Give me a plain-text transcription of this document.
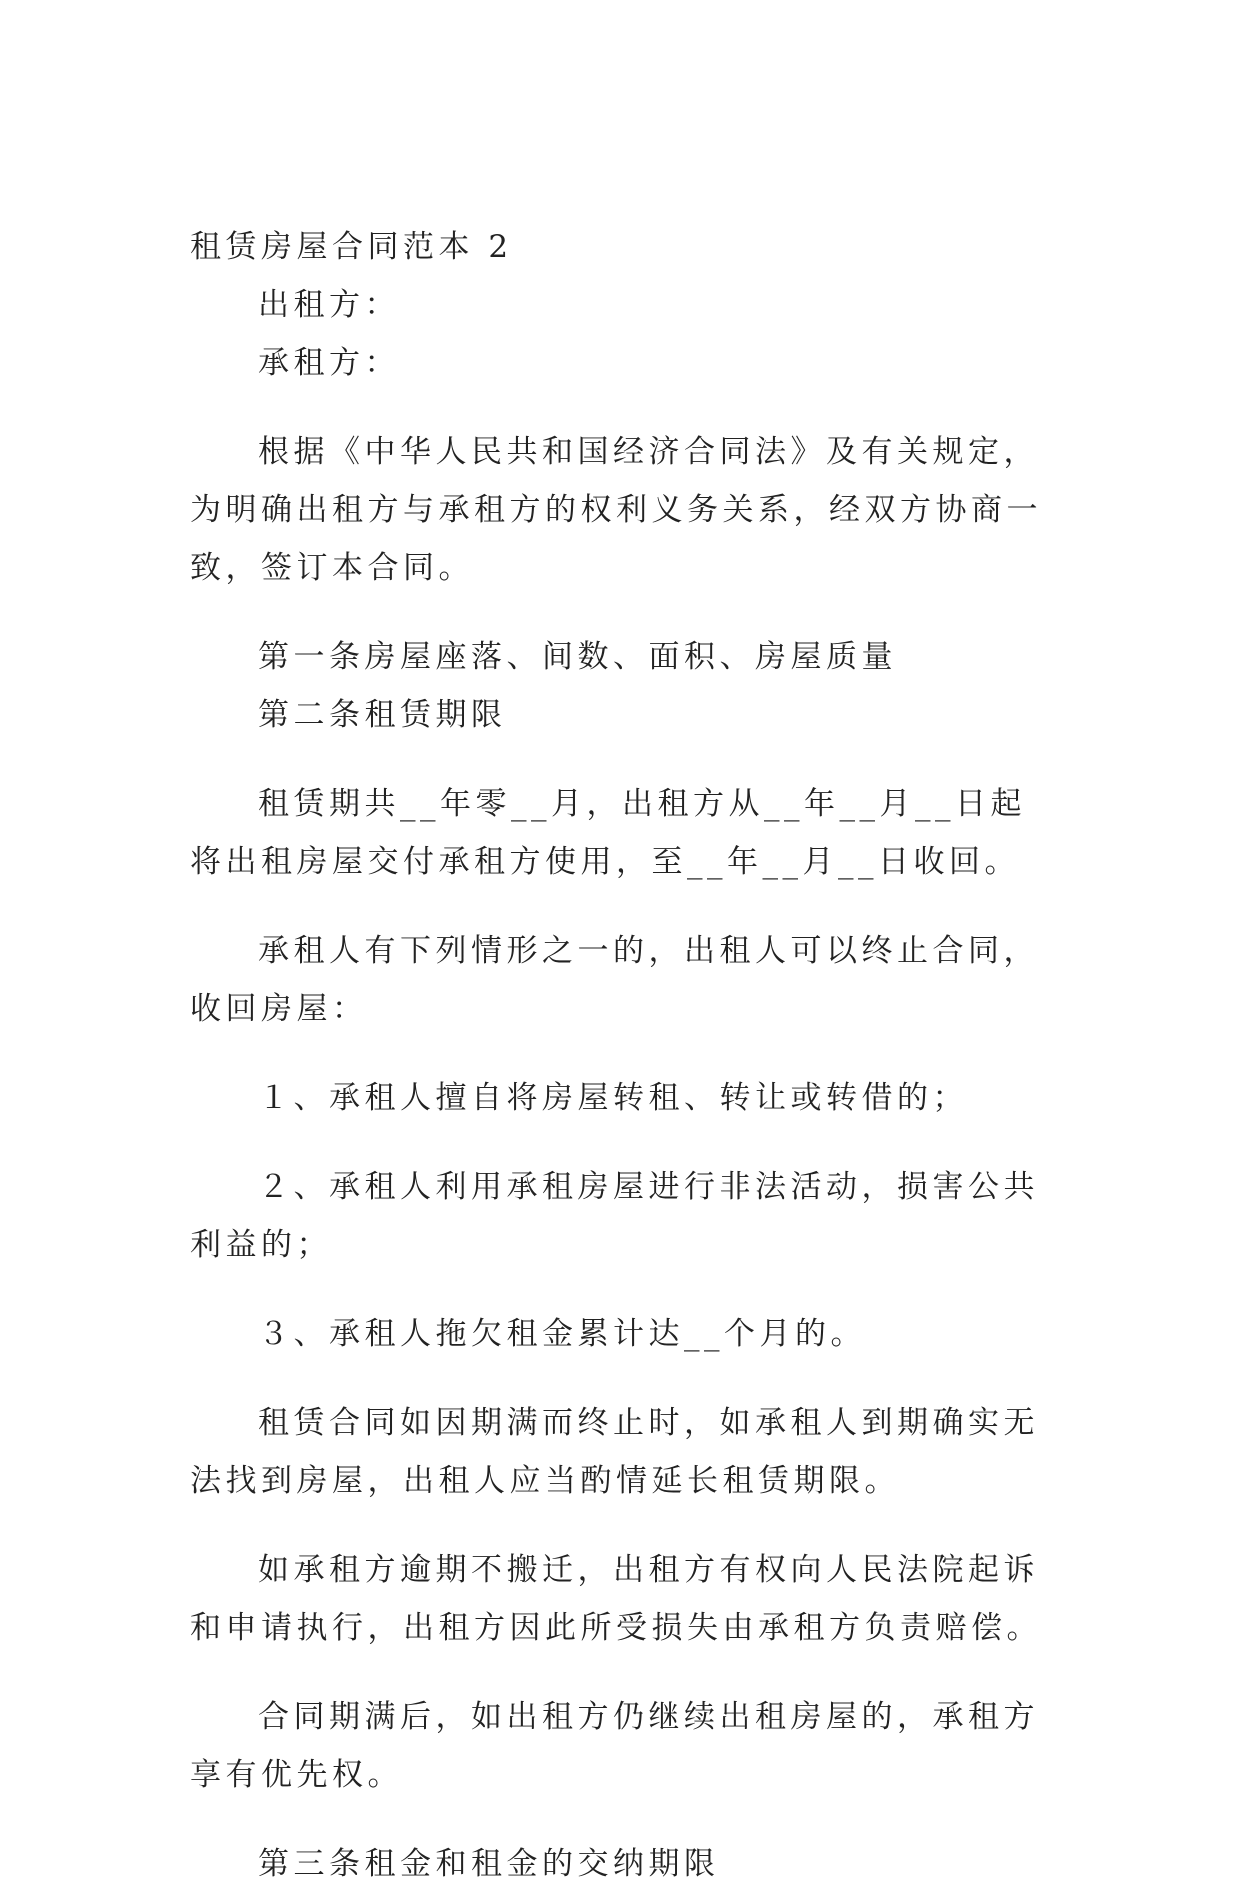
租赁房屋合同范本 2

出租方：

承租方：

根据《中华人民共和国经济合同法》及有关规定，为明确出租方与承租方的权利义务关系，经双方协商一致，签订本合同。

第一条房屋座落、间数、面积、房屋质量

第二条租赁期限

租赁期共__年零__月，出租方从__年__月__日起将出租房屋交付承租方使用，至__年__月__日收回。

承租人有下列情形之一的，出租人可以终止合同，收回房屋：

１、承租人擅自将房屋转租、转让或转借的；

２、承租人利用承租房屋进行非法活动，损害公共利益的；

３、承租人拖欠租金累计达__个月的。

租赁合同如因期满而终止时，如承租人到期确实无法找到房屋，出租人应当酌情延长租赁期限。

如承租方逾期不搬迁，出租方有权向人民法院起诉和申请执行，出租方因此所受损失由承租方负责赔偿。

合同期满后，如出租方仍继续出租房屋的，承租方享有优先权。

第三条租金和租金的交纳期限
